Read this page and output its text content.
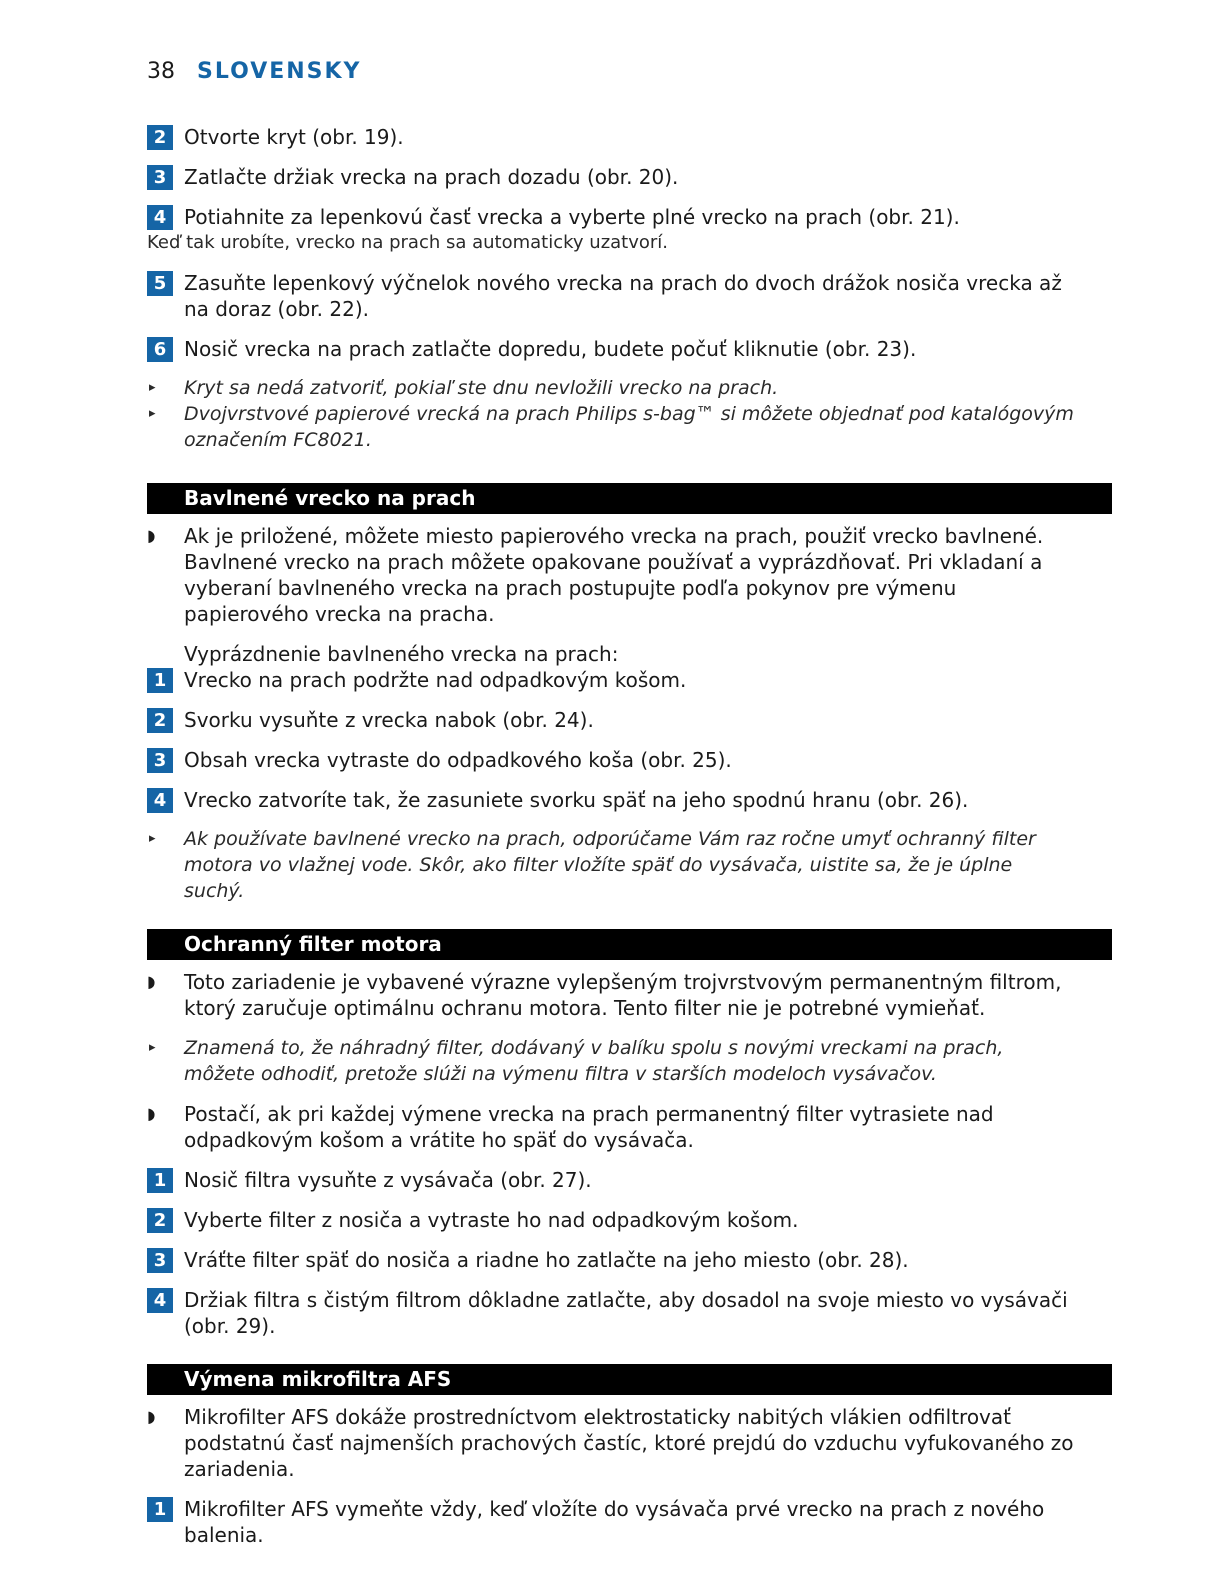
38 SLOVENSKY
2 Otvorte kryt (obr. 19).
3 Zatlačte držiak vrecka na prach dozadu (obr. 20).
4 Potiahnite za lepenkovú časť vrecka a vyberte plné vrecko na prach (obr. 21).
Keď tak urobíte, vrecko na prach sa automaticky uzatvorí.
5 Zasuňte lepenkový výčnelok nového vrecka na prach do dvoch drážok nosiča vrecka až na doraz (obr. 22).
6 Nosič vrecka na prach zatlačte dopredu, budete počuť kliknutie (obr. 23).
▸	Kryt sa nedá zatvoriť, pokiaľ ste dnu nevložili vrecko na prach.
▸	Dvojvrstvové papierové vrecká na prach Philips s-bag™ si môžete objednať pod katalógovým označením FC8021.
Bavlnené vrecko na prach
◗	Ak je priložené, môžete miesto papierového vrecka na prach, použiť vrecko bavlnené. Bavlnené vrecko na prach môžete opakovane používať a vyprázdňovať. Pri vkladaní a vyberaní bavlneného vrecka na prach postupujte podľa pokynov pre výmenu papierového vrecka na pracha.
Vyprázdnenie bavlneného vrecka na prach:
1 Vrecko na prach podržte nad odpadkovým košom.
2 Svorku vysuňte z vrecka nabok (obr. 24).
3 Obsah vrecka vytraste do odpadkového koša (obr. 25).
4 Vrecko zatvoríte tak, že zasuniete svorku späť na jeho spodnú hranu (obr. 26).
▸	Ak používate bavlnené vrecko na prach, odporúčame Vám raz ročne umyť ochranný filter motora vo vlažnej vode. Skôr, ako filter vložíte späť do vysávača, uistite sa, že je úplne suchý.
Ochranný filter motora
◗	Toto zariadenie je vybavené výrazne vylepšeným trojvrstvovým permanentným filtrom, ktorý zaručuje optimálnu ochranu motora. Tento filter nie je potrebné vymieňať.
▸	Znamená to, že náhradný filter, dodávaný v balíku spolu s novými vreckami na prach, môžete odhodiť, pretože slúži na výmenu filtra v starších modeloch vysávačov.
◗	Postačí, ak pri každej výmene vrecka na prach permanentný filter vytrasiete nad odpadkovým košom a vrátite ho späť do vysávača.
1 Nosič filtra vysuňte z vysávača (obr. 27).
2 Vyberte filter z nosiča a vytraste ho nad odpadkovým košom.
3 Vráťte filter späť do nosiča a riadne ho zatlačte na jeho miesto (obr. 28).
4 Držiak filtra s čistým filtrom dôkladne zatlačte, aby dosadol na svoje miesto vo vysávači (obr. 29).
Výmena mikrofiltra AFS
◗	Mikrofilter AFS dokáže prostredníctvom elektrostaticky nabitých vlákien odfiltrovať podstatnú časť najmenších prachových častíc, ktoré prejdú do vzduchu vyfukovaného zo zariadenia.
1 Mikrofilter AFS vymeňte vždy, keď vložíte do vysávača prvé vrecko na prach z nového balenia.
